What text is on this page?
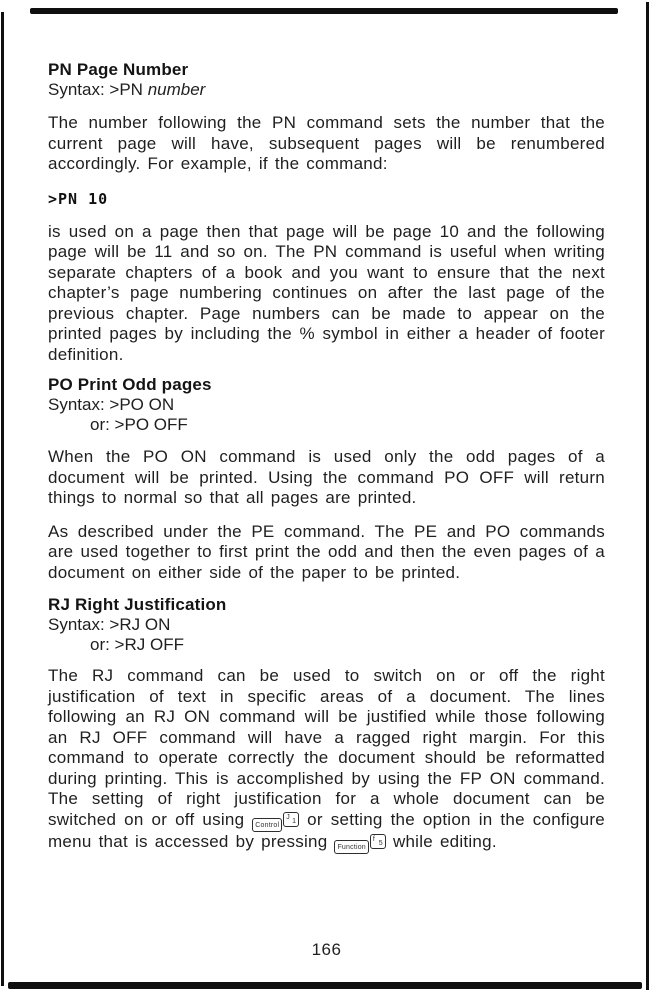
PN Page Number
Syntax: >PN number

The number following the PN command sets the number that the current page will have, subsequent pages will be renumbered accordingly. For example, if the command:

>PN 10

is used on a page then that page will be page 10 and the following page will be 11 and so on. The PN command is useful when writing separate chapters of a book and you want to ensure that the next chapter’s page numbering continues on after the last page of the previous chapter. Page numbers can be made to appear on the printed pages by including the % symbol in either a header of footer definition.

PO Print Odd pages
Syntax: >PO ON
or: >PO OFF

When the PO ON command is used only the odd pages of a document will be printed. Using the command PO OFF will return things to normal so that all pages are printed.

As described under the PE command. The PE and PO commands are used together to first print the odd and then the even pages of a document on either side of the paper to be printed.

RJ Right Justification
Syntax: >RJ ON
or: >RJ OFF

The RJ command can be used to switch on or off the right justification of text in specific areas of a document. The lines following an RJ ON command will be justified while those following an RJ OFF command will have a ragged right margin. For this command to operate correctly the document should be reformatted during printing. This is accomplished by using the FP ON command. The setting of right justification for a whole document can be switched on or off using Control
J
1 or setting the option in the configure menu that is accessed by pressing Function
f
5 while editing.

166
